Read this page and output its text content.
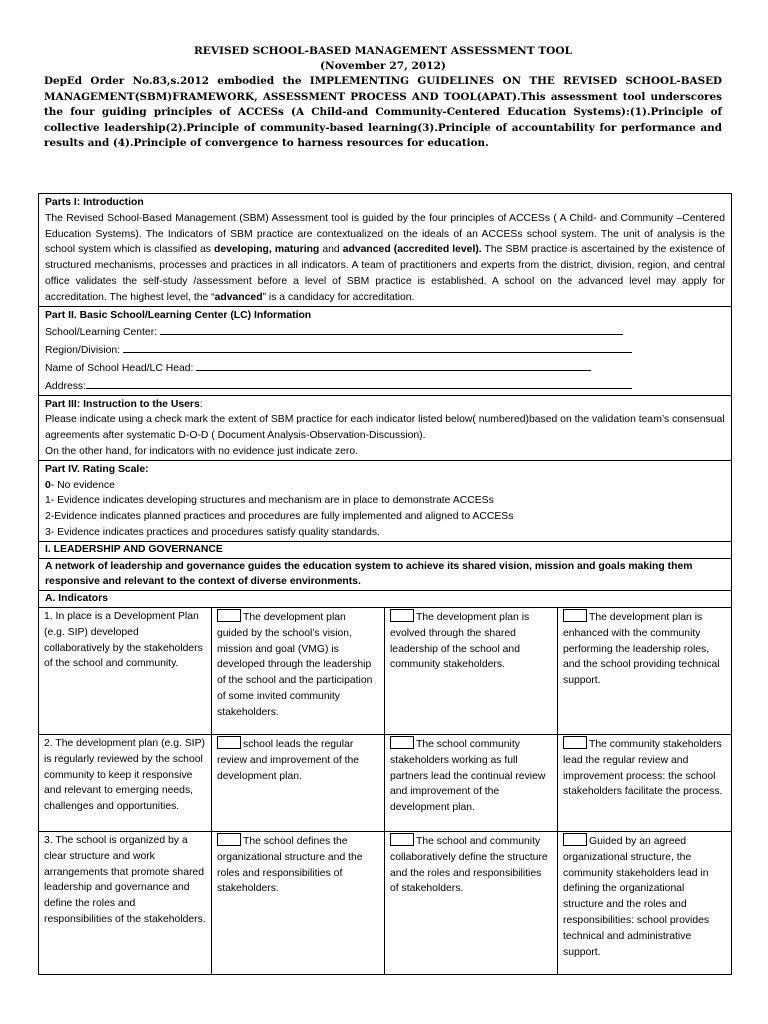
REVISED SCHOOL-BASED MANAGEMENT ASSESSMENT TOOL
(November 27, 2012)
DepEd Order No.83,s.2012 embodied the IMPLEMENTING GUIDELINES ON THE REVISED SCHOOL-BASED MANAGEMENT(SBM)FRAMEWORK, ASSESSMENT PROCESS AND TOOL(APAT).This assessment tool underscores the four guiding principles of ACCESs (A Child-and Community-Centered Education Systems):(1).Principle of collective leadership(2).Principle of community-based learning(3).Principle of accountability for performance and results and (4).Principle of convergence to harness resources for education.
Parts I: Introduction
The Revised School-Based Management (SBM) Assessment tool is guided by the four principles of ACCESs ( A Child- and Community –Centered Education Systems). The Indicators of SBM practice are contextualized on the ideals of an ACCESs school system. The unit of analysis is the school system which is classified as developing, maturing and advanced (accredited level). The SBM practice is ascertained by the existence of structured mechanisms, processes and practices in all indicators. A team of practitioners and experts from the district, division, region, and central office validates the self-study /assessment before a level of SBM practice is established. A school on the advanced level may apply for accreditation. The highest level, the “advanced” is a candidacy for accreditation.
Part II. Basic School/Learning Center (LC) Information
School/Learning Center:
Region/Division:
Name of School Head/LC Head:
Address:
Part III: Instruction to the Users:
Please indicate using a check mark the extent of SBM practice for each indicator listed below( numbered)based on the validation team’s consensual agreements after systematic D-O-D ( Document Analysis-Observation-Discussion).
On the other hand, for indicators with no evidence just indicate zero.
Part IV. Rating Scale:
0- No evidence
1- Evidence indicates developing structures and mechanism are in place to demonstrate ACCESs
2-Evidence indicates planned practices and procedures are fully implemented and aligned to ACCESs
3- Evidence indicates practices and procedures satisfy quality standards.
I. LEADERSHIP AND GOVERNANCE
A network of leadership and governance guides the education system to achieve its shared vision, mission and goals making them responsive and relevant to the context of diverse environments.
A. Indicators
1. In place is a Development Plan (e.g. SIP) developed collaboratively by the stakeholders of the school and community.
The development plan guided by the school’s vision, mission and goal (VMG) is developed through the leadership of the school and the participation of some invited community stakeholders.
The development plan is evolved through the shared leadership of the school and community stakeholders.
The development plan is enhanced with the community performing the leadership roles, and the school providing technical support.
2. The development plan (e.g. SIP) is regularly reviewed by the school community to keep it responsive and relevant to emerging needs, challenges and opportunities.
school leads the regular review and improvement of the development plan.
The school community stakeholders working as full partners lead the continual review and improvement of the development plan.
The community stakeholders lead the regular review and improvement process: the school stakeholders facilitate the process.
3. The school is organized by a clear structure and work arrangements that promote shared leadership and governance and define the roles and responsibilities of the stakeholders.
The school defines the organizational structure and the roles and responsibilities of stakeholders.
The school and community collaboratively define the structure and the roles and responsibilities of stakeholders.
Guided by an agreed organizational structure, the community stakeholders lead in defining the organizational structure and the roles and responsibilities: school provides technical and administrative support.
